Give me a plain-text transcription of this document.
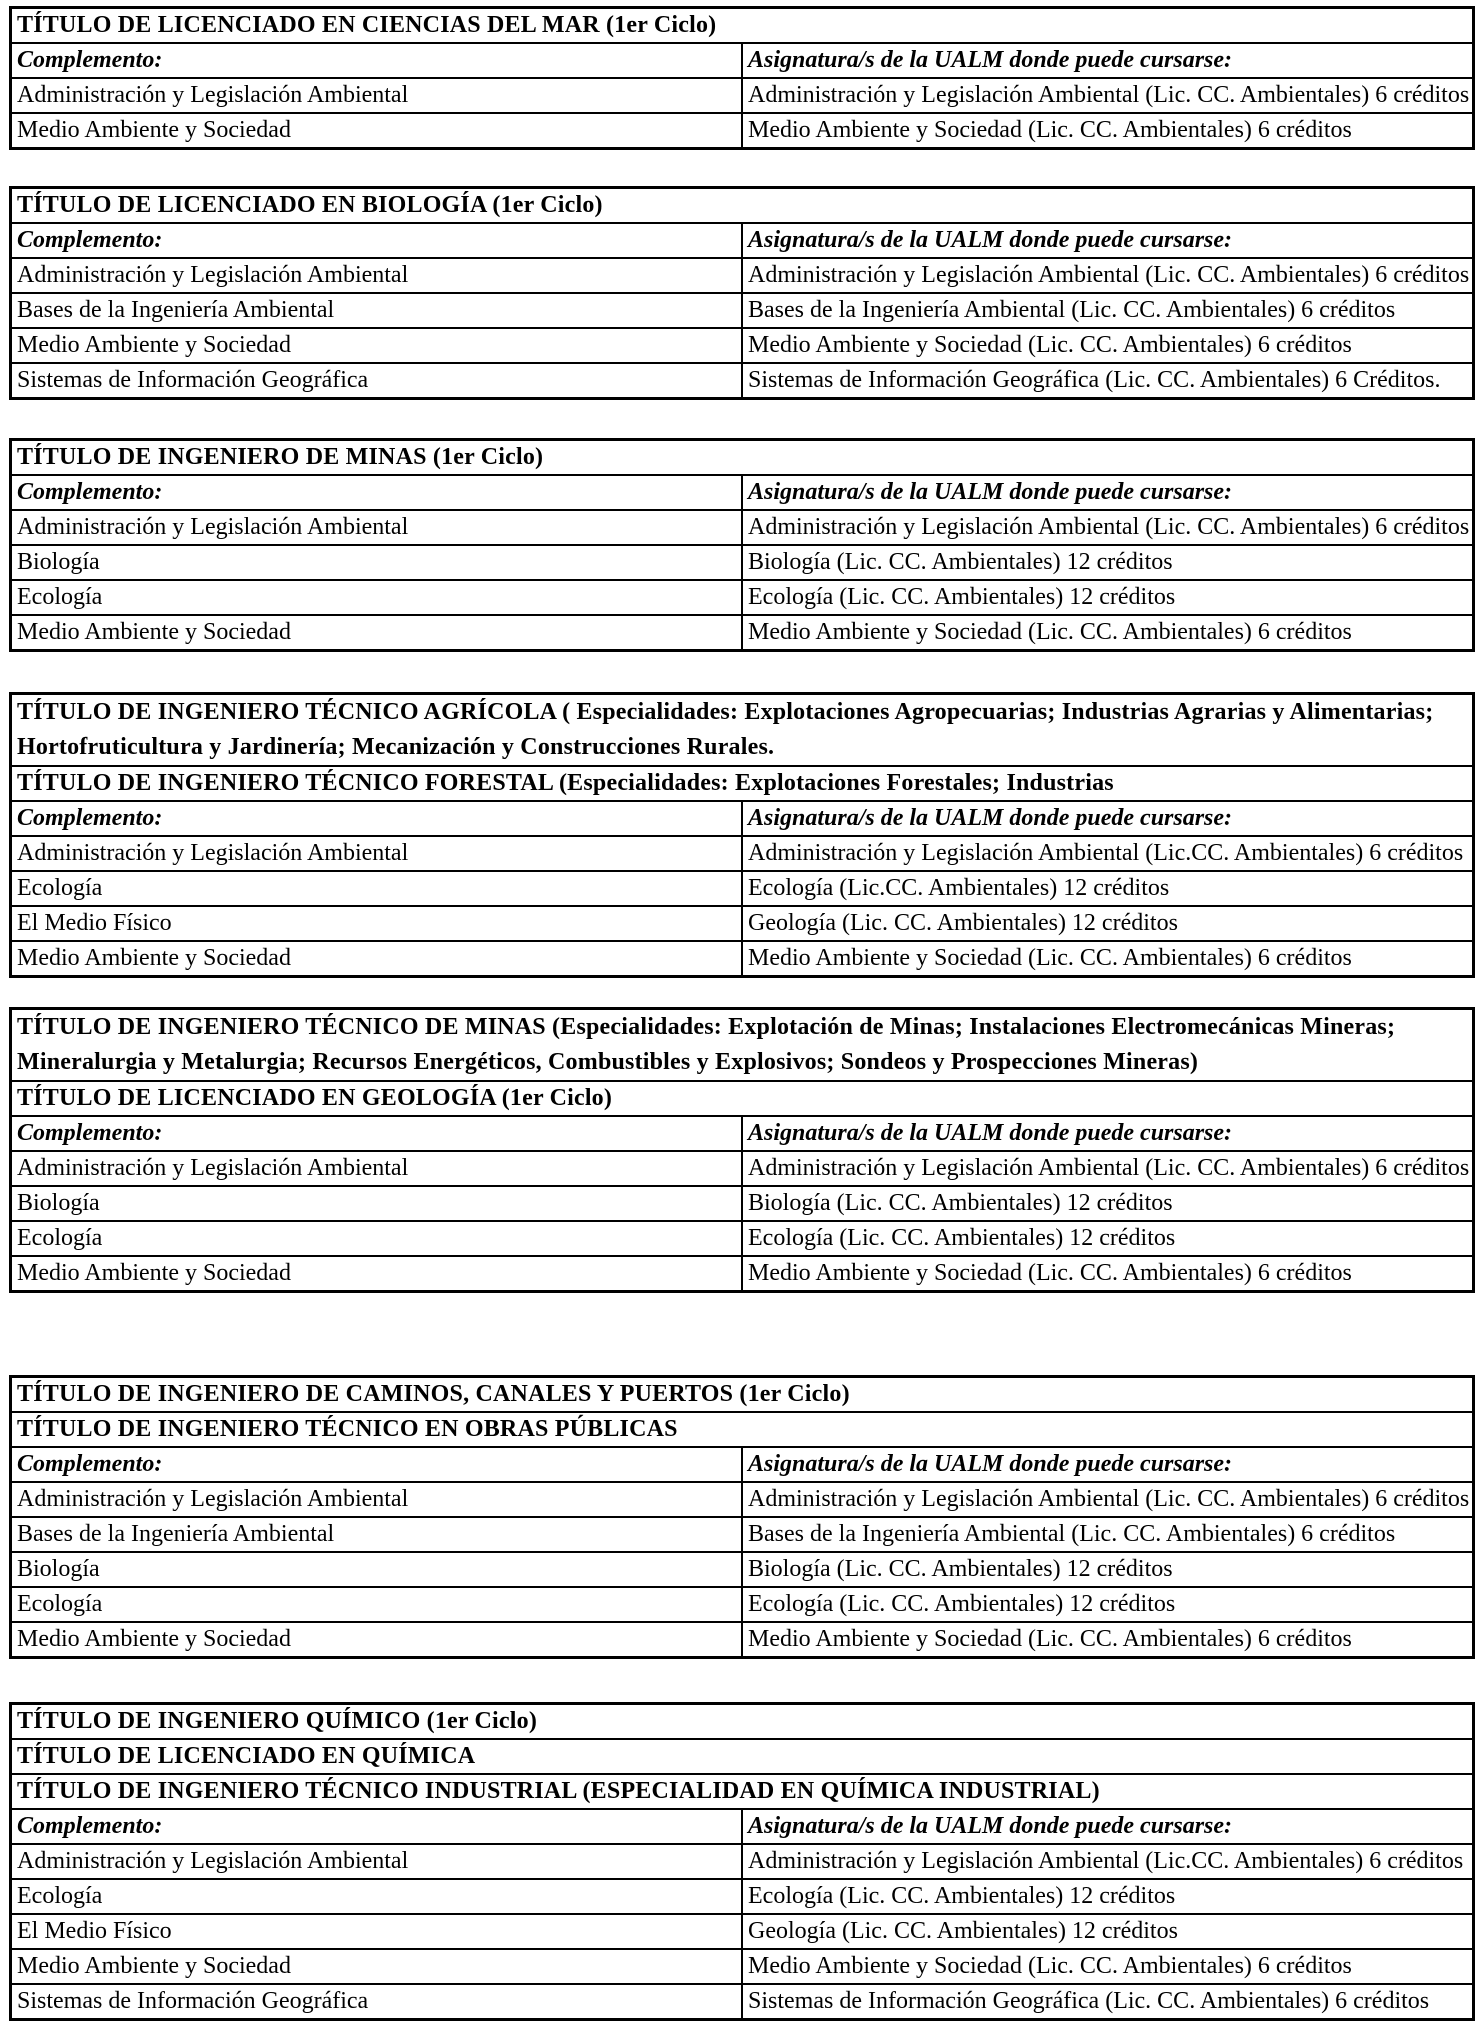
TÍTULO DE LICENCIADO EN CIENCIAS DEL MAR (1er Ciclo)	
Complemento:	Asignatura/s de la UALM donde puede cursarse:
Administración y Legislación Ambiental	Administración y Legislación Ambiental (Lic. CC. Ambientales) 6 créditos
Medio Ambiente y Sociedad	Medio Ambiente y Sociedad (Lic. CC. Ambientales) 6 créditos
TÍTULO DE LICENCIADO EN BIOLOGÍA (1er Ciclo)	
Complemento:	Asignatura/s de la UALM donde puede cursarse:
Administración y Legislación Ambiental	Administración y Legislación Ambiental (Lic. CC. Ambientales) 6 créditos
Bases de la Ingeniería Ambiental	Bases de la Ingeniería Ambiental (Lic. CC. Ambientales) 6 créditos
Medio Ambiente y Sociedad	Medio Ambiente y Sociedad (Lic. CC. Ambientales) 6 créditos
Sistemas de Información Geográfica	Sistemas de Información Geográfica (Lic. CC. Ambientales) 6 Créditos.
TÍTULO DE INGENIERO DE MINAS (1er Ciclo)	
Complemento:	Asignatura/s de la UALM donde puede cursarse:
Administración y Legislación Ambiental	Administración y Legislación Ambiental (Lic. CC. Ambientales) 6 créditos
Biología	Biología (Lic. CC. Ambientales) 12 créditos
Ecología	Ecología (Lic. CC. Ambientales) 12 créditos
Medio Ambiente y Sociedad	Medio Ambiente y Sociedad (Lic. CC. Ambientales) 6 créditos
TÍTULO DE INGENIERO TÉCNICO AGRÍCOLA ( Especialidades: Explotaciones Agropecuarias; Industrias Agrarias y Alimentarias; Hortofruticultura y Jardinería; Mecanización y Construcciones Rurales.	
TÍTULO DE INGENIERO TÉCNICO FORESTAL (Especialidades: Explotaciones Forestales; Industrias	
Complemento:	Asignatura/s de la UALM donde puede cursarse:
Administración y Legislación Ambiental	Administración y Legislación Ambiental (Lic.CC. Ambientales) 6 créditos
Ecología	Ecología (Lic.CC. Ambientales) 12 créditos
El Medio Físico	Geología (Lic. CC. Ambientales) 12 créditos
Medio Ambiente y Sociedad	Medio Ambiente y Sociedad (Lic. CC. Ambientales) 6 créditos
TÍTULO DE INGENIERO TÉCNICO DE MINAS (Especialidades: Explotación de Minas; Instalaciones Electromecánicas Mineras; Mineralurgia y Metalurgia; Recursos Energéticos, Combustibles y Explosivos; Sondeos y Prospecciones Mineras)	
TÍTULO DE LICENCIADO EN GEOLOGÍA (1er Ciclo)	
Complemento:	Asignatura/s de la UALM donde puede cursarse:
Administración y Legislación Ambiental	Administración y Legislación Ambiental (Lic. CC. Ambientales) 6 créditos
Biología	Biología (Lic. CC. Ambientales) 12 créditos
Ecología	Ecología (Lic. CC. Ambientales) 12 créditos
Medio Ambiente y Sociedad	Medio Ambiente y Sociedad (Lic. CC. Ambientales) 6 créditos
TÍTULO DE INGENIERO DE CAMINOS, CANALES Y PUERTOS (1er Ciclo)	
TÍTULO DE INGENIERO TÉCNICO EN OBRAS PÚBLICAS	
Complemento:	Asignatura/s de la UALM donde puede cursarse:
Administración y Legislación Ambiental	Administración y Legislación Ambiental (Lic. CC. Ambientales) 6 créditos
Bases de la Ingeniería Ambiental	Bases de la Ingeniería Ambiental (Lic. CC. Ambientales) 6 créditos
Biología	Biología (Lic. CC. Ambientales) 12 créditos
Ecología	Ecología (Lic. CC. Ambientales) 12 créditos
Medio Ambiente y Sociedad	Medio Ambiente y Sociedad (Lic. CC. Ambientales) 6 créditos
TÍTULO DE INGENIERO QUÍMICO (1er Ciclo)	
TÍTULO DE LICENCIADO EN QUÍMICA	
TÍTULO DE INGENIERO TÉCNICO INDUSTRIAL (ESPECIALIDAD EN QUÍMICA INDUSTRIAL)	
Complemento:	Asignatura/s de la UALM donde puede cursarse:
Administración y Legislación Ambiental	Administración y Legislación Ambiental (Lic.CC. Ambientales) 6 créditos
Ecología	Ecología (Lic. CC. Ambientales) 12 créditos
El Medio Físico	Geología (Lic. CC. Ambientales) 12 créditos
Medio Ambiente y Sociedad	Medio Ambiente y Sociedad (Lic. CC. Ambientales) 6 créditos
Sistemas de Información Geográfica	Sistemas de Información Geográfica (Lic. CC. Ambientales) 6 créditos
